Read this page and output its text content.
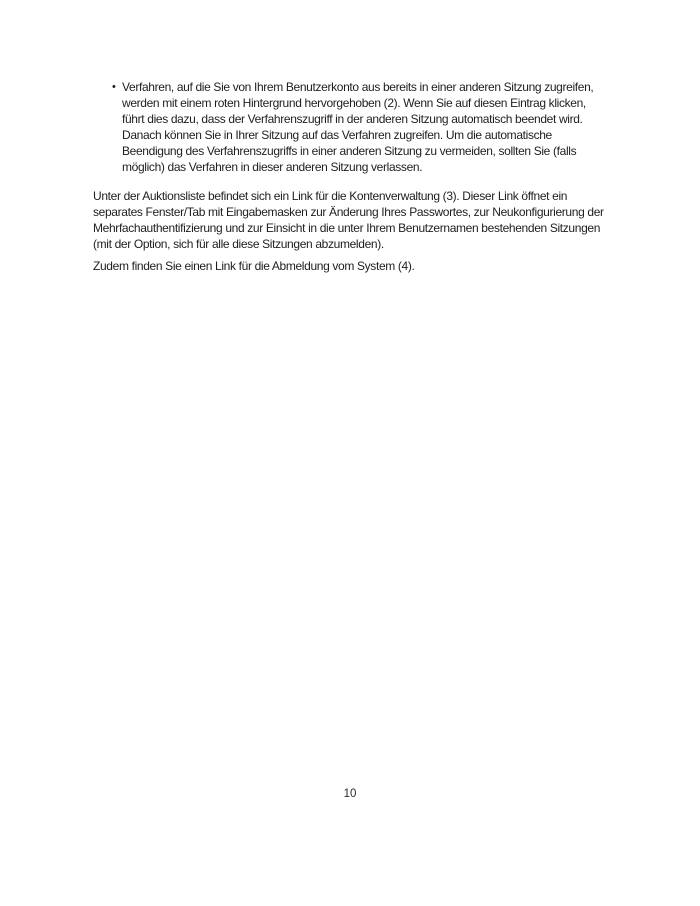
• Verfahren, auf die Sie von Ihrem Benutzerkonto aus bereits in einer anderen Sitzung zugreifen, werden mit einem roten Hintergrund hervorgehoben (2). Wenn Sie auf diesen Eintrag klicken, führt dies dazu, dass der Verfahrenszugriff in der anderen Sitzung automatisch beendet wird. Danach können Sie in Ihrer Sitzung auf das Verfahren zugreifen. Um die automatische Beendigung des Verfahrenszugriffs in einer anderen Sitzung zu vermeiden, sollten Sie (falls möglich) das Verfahren in dieser anderen Sitzung verlassen.

Unter der Auktionsliste befindet sich ein Link für die Kontenverwaltung (3). Dieser Link öffnet ein separates Fenster/Tab mit Eingabemasken zur Änderung Ihres Passwortes, zur Neukonfigurierung der Mehrfachauthentifizierung und zur Einsicht in die unter Ihrem Benutzernamen bestehenden Sitzungen (mit der Option, sich für alle diese Sitzungen abzumelden).

Zudem finden Sie einen Link für die Abmeldung vom System (4).

10
